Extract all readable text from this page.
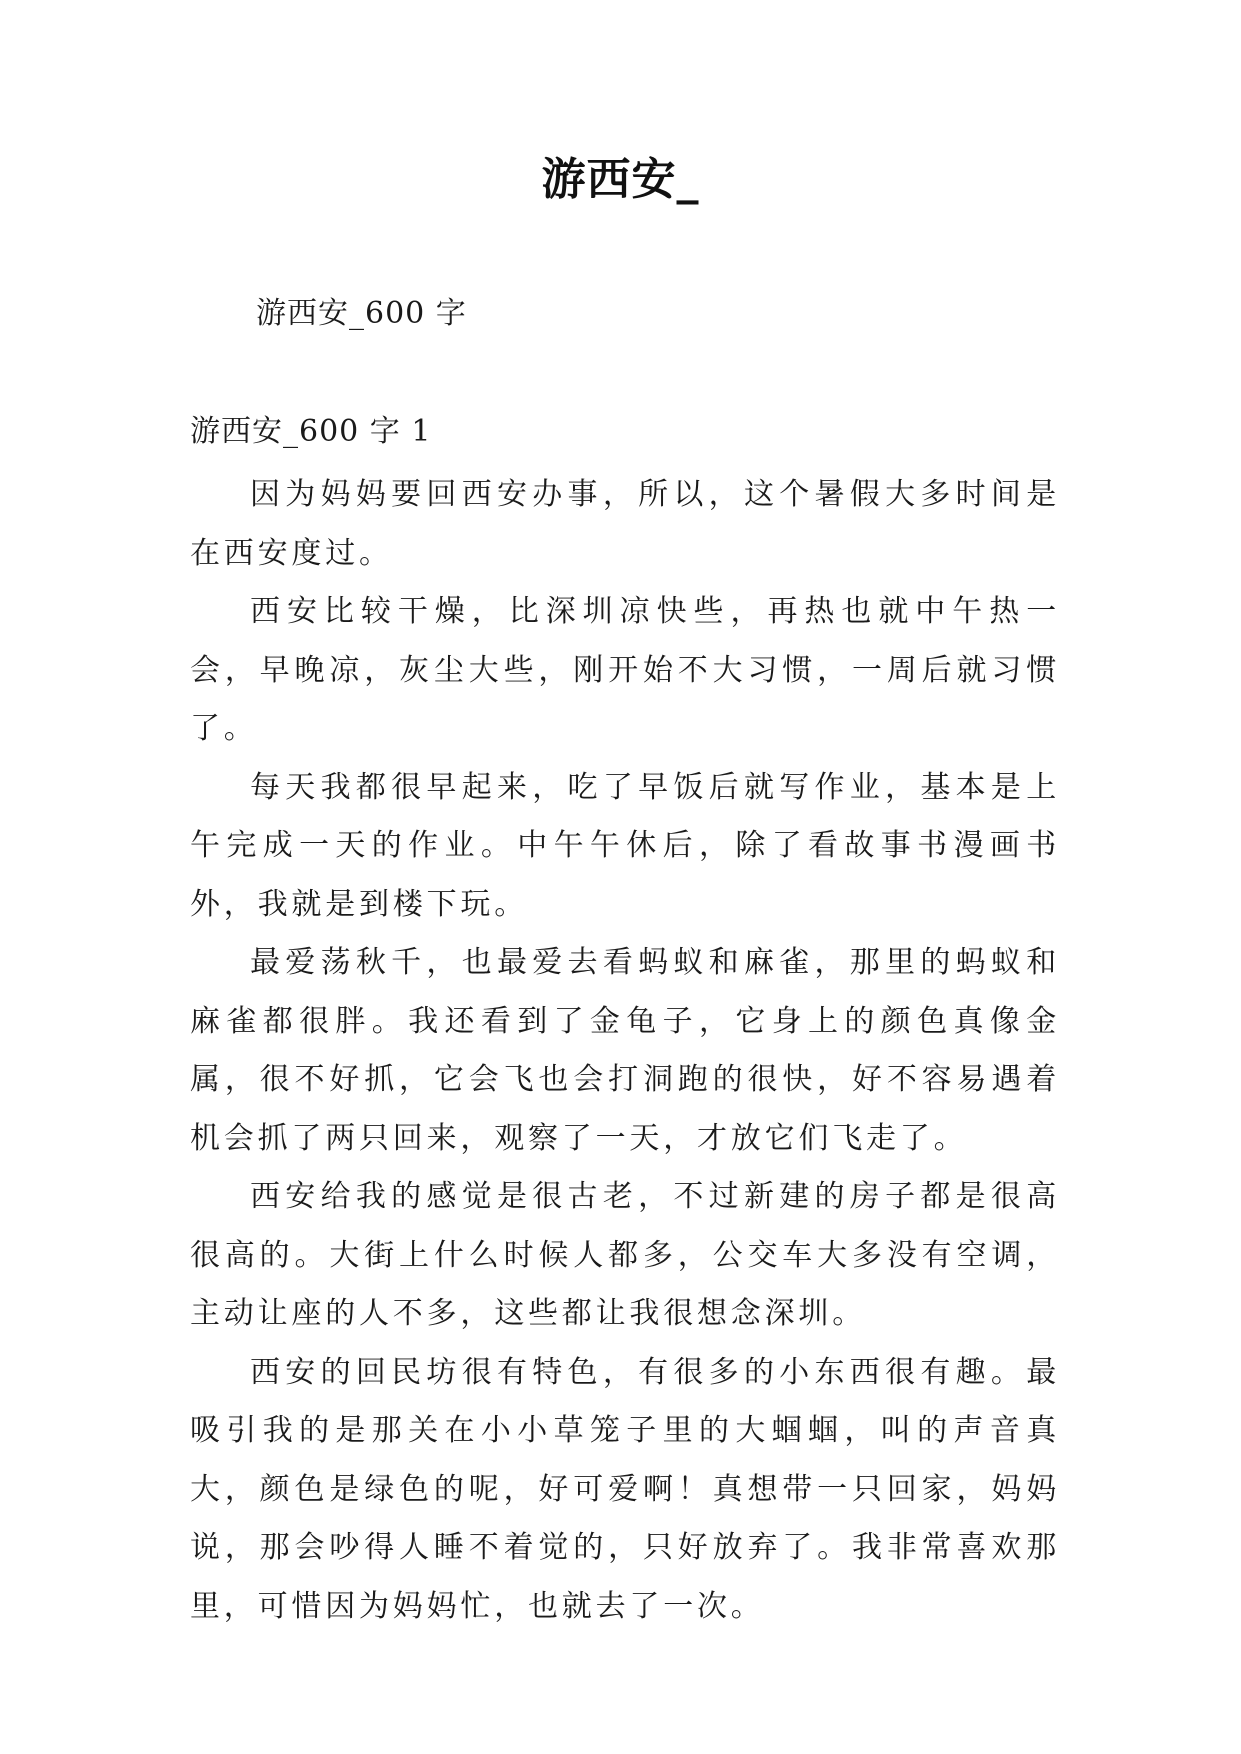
游西安_
游西安_600 字
游西安_600 字 1

因为妈妈要回西安办事，所以，这个暑假大多时间是在西安度过。

西安比较干燥，比深圳凉快些，再热也就中午热一会，早晚凉，灰尘大些，刚开始不大习惯，一周后就习惯了。

每天我都很早起来，吃了早饭后就写作业，基本是上午完成一天的作业。中午午休后，除了看故事书漫画书外，我就是到楼下玩。

最爱荡秋千，也最爱去看蚂蚁和麻雀，那里的蚂蚁和麻雀都很胖。我还看到了金龟子，它身上的颜色真像金属，很不好抓，它会飞也会打洞跑的很快，好不容易遇着机会抓了两只回来，观察了一天，才放它们飞走了。

西安给我的感觉是很古老，不过新建的房子都是很高很高的。大街上什么时候人都多，公交车大多没有空调，主动让座的人不多，这些都让我很想念深圳。

西安的回民坊很有特色，有很多的小东西很有趣。最吸引我的是那关在小小草笼子里的大蝈蝈，叫的声音真大，颜色是绿色的呢，好可爱啊！真想带一只回家，妈妈说，那会吵得人睡不着觉的，只好放弃了。我非常喜欢那里，可惜因为妈妈忙，也就去了一次。
